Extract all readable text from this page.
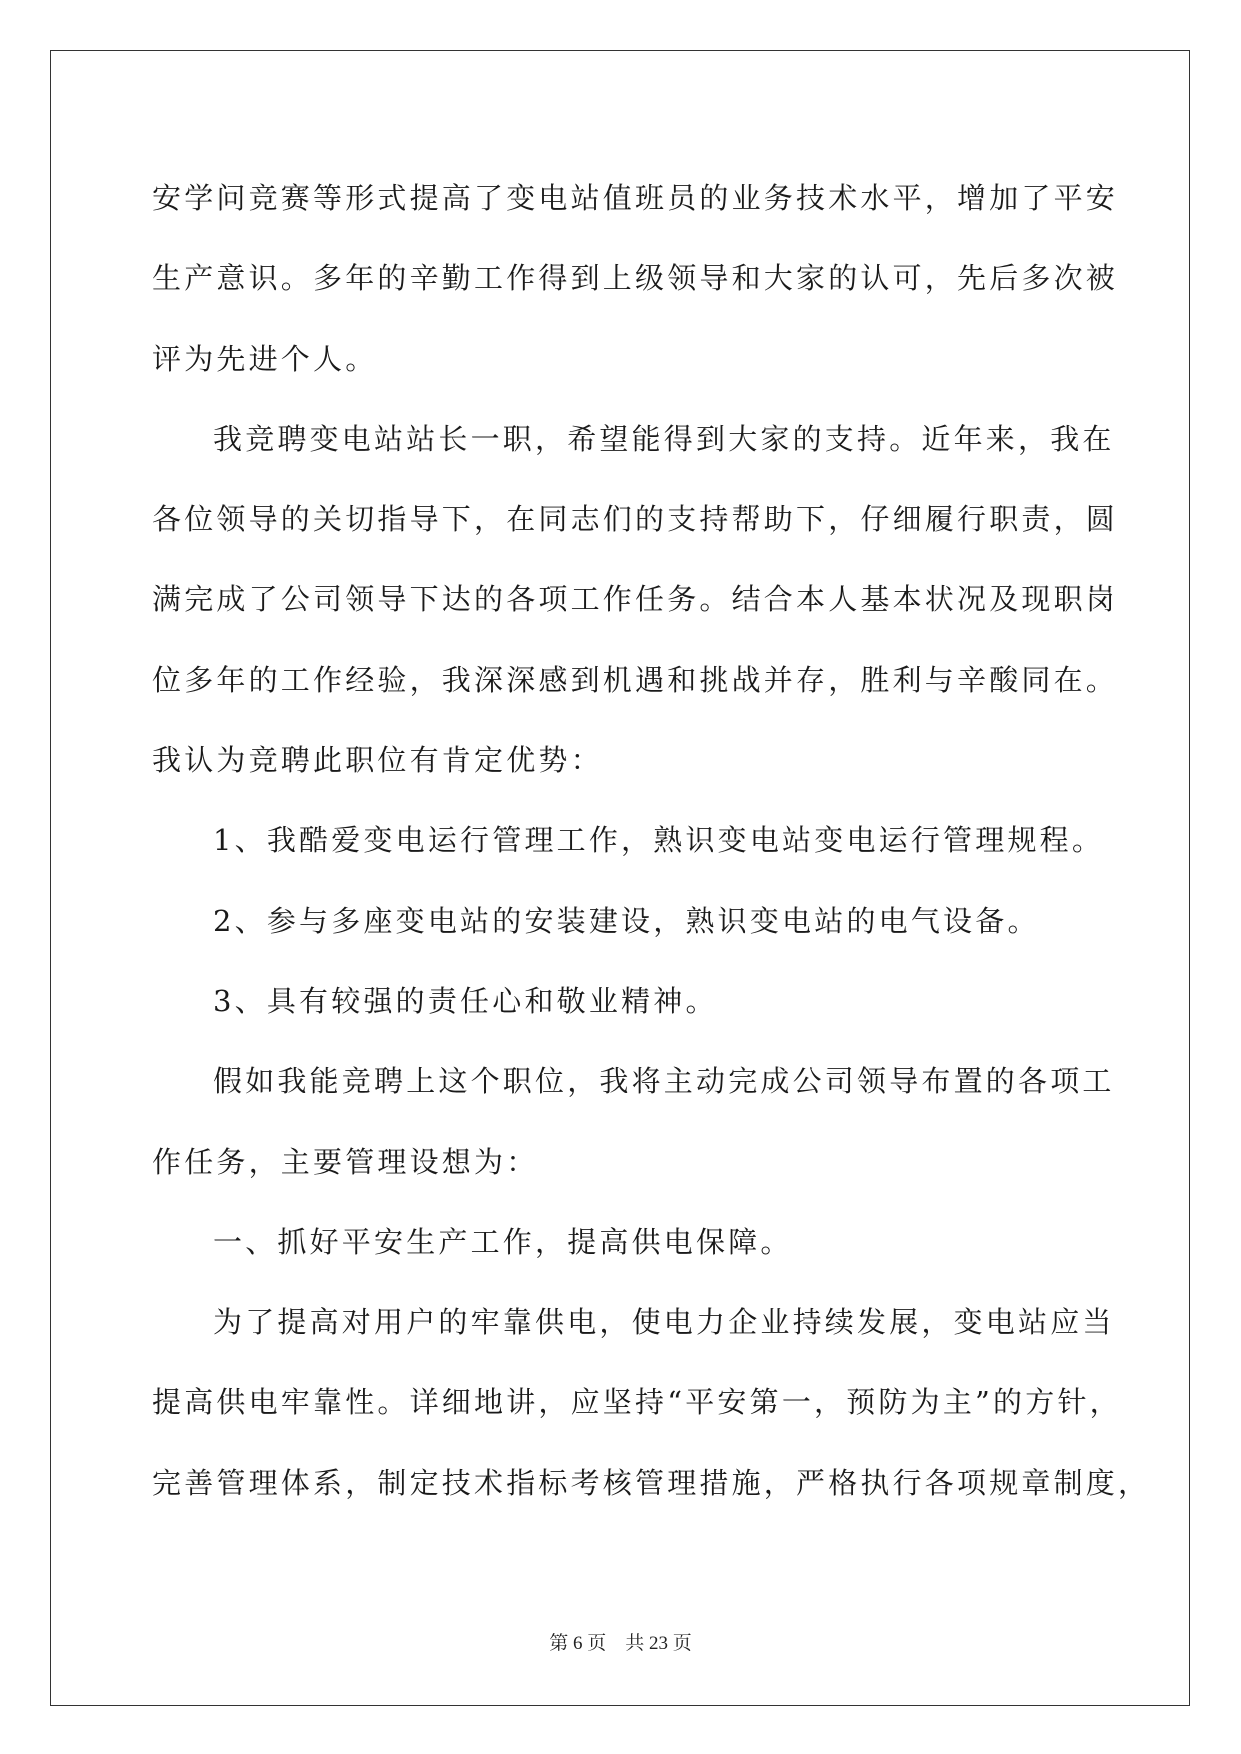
安学问竞赛等形式提高了变电站值班员的业务技术水平，增加了平安
生产意识。多年的辛勤工作得到上级领导和大家的认可，先后多次被
评为先进个人。
我竞聘变电站站长一职，希望能得到大家的支持。近年来，我在
各位领导的关切指导下，在同志们的支持帮助下，仔细履行职责，圆
满完成了公司领导下达的各项工作任务。结合本人基本状况及现职岗
位多年的工作经验，我深深感到机遇和挑战并存，胜利与辛酸同在。
我认为竞聘此职位有肯定优势：
1、我酷爱变电运行管理工作，熟识变电站变电运行管理规程。
2、参与多座变电站的安装建设，熟识变电站的电气设备。
3、具有较强的责任心和敬业精神。
假如我能竞聘上这个职位，我将主动完成公司领导布置的各项工
作任务，主要管理设想为：
一、抓好平安生产工作，提高供电保障。
为了提高对用户的牢靠供电，使电力企业持续发展，变电站应当
提高供电牢靠性。详细地讲，应坚持“平安第一，预防为主”的方针，
完善管理体系，制定技术指标考核管理措施，严格执行各项规章制度，
第 6 页    共 23 页
